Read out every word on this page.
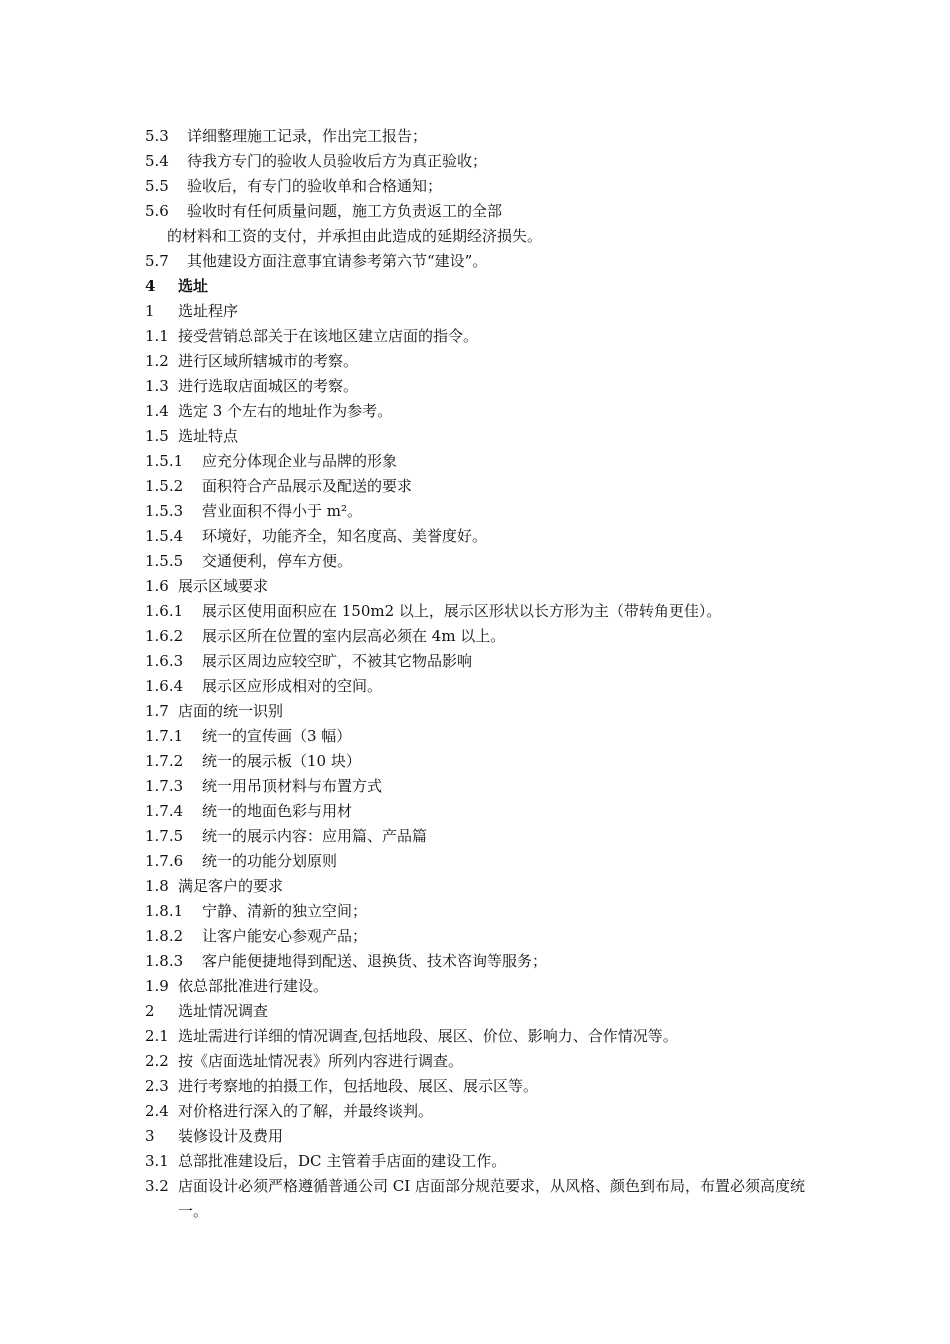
5.3	详细整理施工记录，作出完工报告；
5.4	待我方专门的验收人员验收后方为真正验收；
5.5	验收后，有专门的验收单和合格通知；
5.6	验收时有任何质量问题，施工方负责返工的全部
的材料和工资的支付，并承担由此造成的延期经济损失。
5.7	其他建设方面注意事宜请参考第六节“建设”。
4	选址
1	选址程序
1.1 接受营销总部关于在该地区建立店面的指令。
1.2 进行区域所辖城市的考察。
1.3 进行选取店面城区的考察。
1.4 选定 3 个左右的地址作为参考。
1.5 选址特点
1.5.1	应充分体现企业与品牌的形象
1.5.2	面积符合产品展示及配送的要求
1.5.3	营业面积不得小于 m²。
1.5.4	环境好，功能齐全，知名度高、美誉度好。
1.5.5	交通便利，停车方便。
1.6 展示区域要求
1.6.1	展示区使用面积应在 150m2 以上，展示区形状以长方形为主（带转角更佳）。
1.6.2	展示区所在位置的室内层高必须在 4m 以上。
1.6.3	展示区周边应较空旷，不被其它物品影响
1.6.4	展示区应形成相对的空间。
1.7 店面的统一识别
1.7.1	统一的宣传画（3 幅）
1.7.2	统一的展示板（10 块）
1.7.3	统一用吊顶材料与布置方式
1.7.4	统一的地面色彩与用材
1.7.5	统一的展示内容：应用篇、产品篇
1.7.6	统一的功能分划原则
1.8 满足客户的要求
1.8.1	宁静、清新的独立空间；
1.8.2	让客户能安心参观产品；
1.8.3	客户能便捷地得到配送、退换货、技术咨询等服务；
1.9 依总部批准进行建设。
2	选址情况调查
2.1 选址需进行详细的情况调查,包括地段、展区、价位、影响力、合作情况等。
2.2 按《店面选址情况表》所列内容进行调查。
2.3 进行考察地的拍摄工作，包括地段、展区、展示区等。
2.4 对价格进行深入的了解，并最终谈判。
3	装修设计及费用
3.1 总部批准建设后，DC 主管着手店面的建设工作。
3.2 店面设计必须严格遵循普通公司 CI 店面部分规范要求，从风格、颜色到布局，布置必须高度统一。
